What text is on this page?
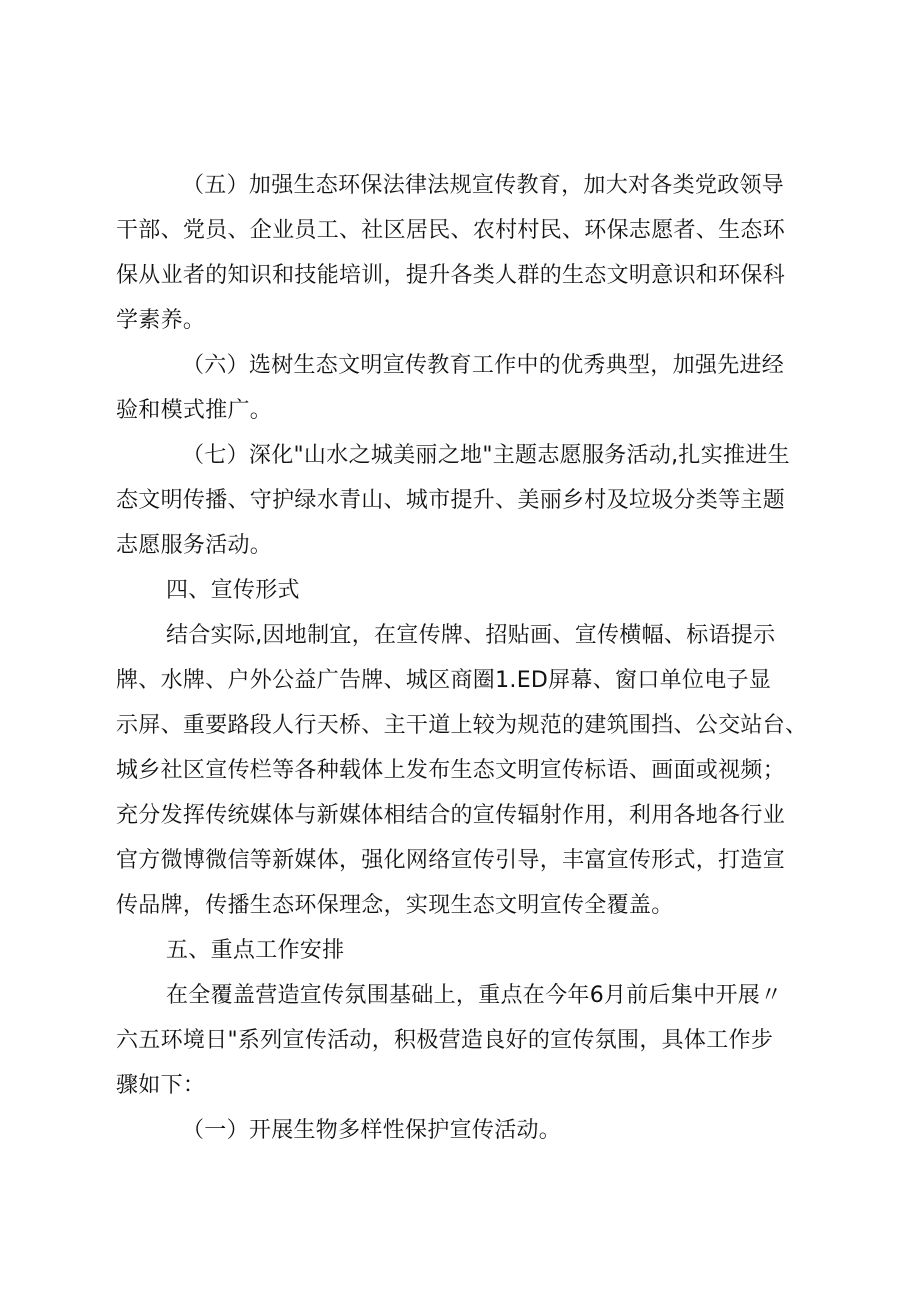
（五）加强生态环保法律法规宣传教育，加大对各类党政领导
干部、党员、企业员工、社区居民、农村村民、环保志愿者、生态环
保从业者的知识和技能培训，提升各类人群的生态文明意识和环保科
学素养。
（六）选树生态文明宣传教育工作中的优秀典型，加强先进经
验和模式推广。
（七）深化"山水之城美丽之地"主题志愿服务活动,扎实推进生
态文明传播、守护绿水青山、城市提升、美丽乡村及垃圾分类等主题
志愿服务活动。
四、宣传形式
结合实际,因地制宜，在宣传牌、招贴画、宣传横幅、标语提示
牌、水牌、户外公益广告牌、城区商圈1.ED屏幕、窗口单位电子显
示屏、重要路段人行天桥、主干道上较为规范的建筑围挡、公交站台、
城乡社区宣传栏等各种载体上发布生态文明宣传标语、画面或视频；
充分发挥传统媒体与新媒体相结合的宣传辐射作用，利用各地各行业
官方微博微信等新媒体，强化网络宣传引导，丰富宣传形式，打造宣
传品牌，传播生态环保理念，实现生态文明宣传全覆盖。
五、重点工作安排
在全覆盖营造宣传氛围基础上，重点在今年6月前后集中开展〃
六五环境日"系列宣传活动，积极营造良好的宣传氛围，具体工作步
骤如下：
（一）开展生物多样性保护宣传活动。
